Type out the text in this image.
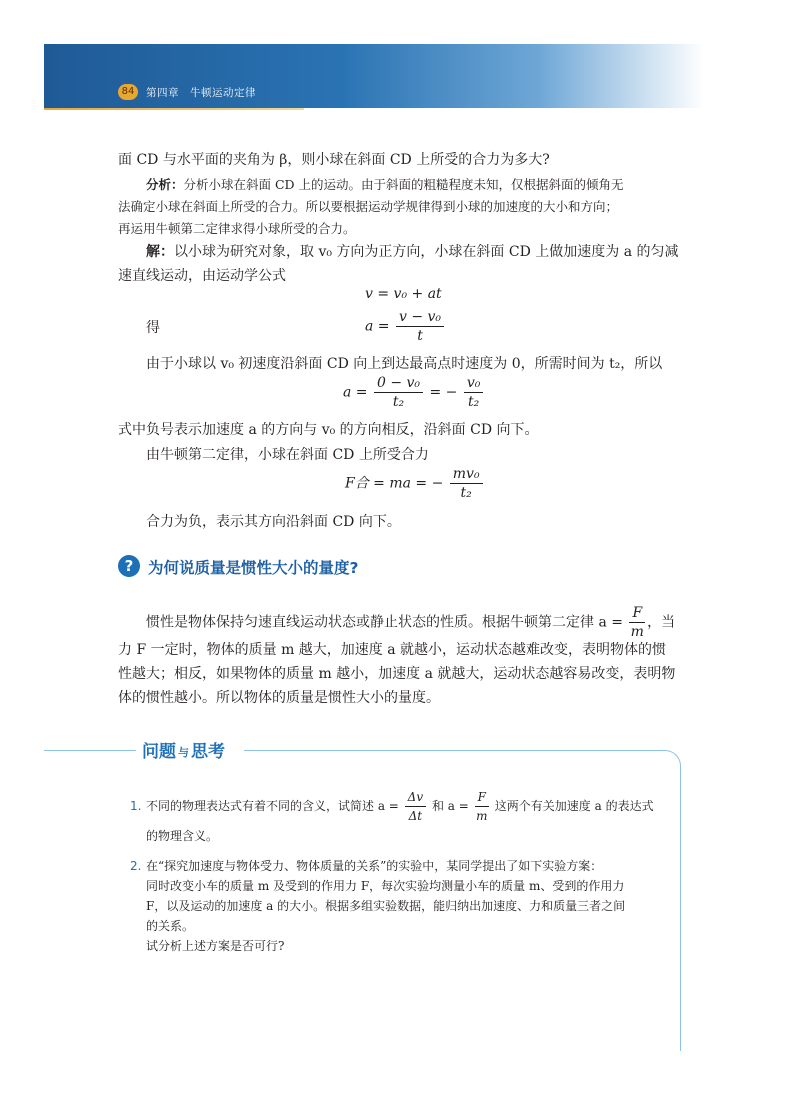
84	第四章　牛顿运动定律
面 CD 与水平面的夹角为 β，则小球在斜面 CD 上所受的合力为多大?
分析：分析小球在斜面 CD 上的运动。由于斜面的粗糙程度未知，仅根据斜面的倾角无
法确定小球在斜面上所受的合力。所以要根据运动学规律得到小球的加速度的大小和方向；
再运用牛顿第二定律求得小球所受的合力。
解：以小球为研究对象，取 v₀ 方向为正方向，小球在斜面 CD 上做加速度为 a 的匀减
速直线运动，由运动学公式
v = v₀ + at
得	$a = \frac{\text{v − v₀}}{t}$
由于小球以 v₀ 初速度沿斜面 CD 向上到达最高点时速度为 0，所需时间为 t₂，所以
$a = \frac{\text{0 − v₀}}{\text{t₂}}$ = − $\frac{\text{v₀}}{\text{t₂}}$
式中负号表示加速度 a 的方向与 v₀ 的方向相反，沿斜面 CD 向下。
由牛顿第二定律，小球在斜面 CD 上所受合力
F合 = ma = − $\frac{\text{mv₀}}{\text{t₂}}$
合力为负，表示其方向沿斜面 CD 向下。
? 为何说质量是惯性大小的量度?
惯性是物体保持匀速直线运动状态或静止状态的性质。根据牛顿第二定律 $a = \frac{F}{m}$ ，当
力 F 一定时，物体的质量 m 越大，加速度 a 就越小，运动状态越难改变，表明物体的惯
性越大；相反，如果物体的质量 m 越小，加速度 a 就越大，运动状态越容易改变，表明物
体的惯性越小。所以物体的质量是惯性大小的量度。
问题 与 思考
1. 不同的物理表达式有着不同的含义，试简述 $a = \frac{\Delta v}{\Delta t}$ 和 $a = \frac{F}{m}$ 这两个有关加速度 a 的表达式
的物理含义。
2. 在“探究加速度与物体受力、物体质量的关系”的实验中，某同学提出了如下实验方案：
同时改变小车的质量 m 及受到的作用力 F，每次实验均测量小车的质量 m、受到的作用力
F，以及运动的加速度 a 的大小。根据多组实验数据，能归纳出加速度、力和质量三者之间
的关系。
试分析上述方案是否可行?
